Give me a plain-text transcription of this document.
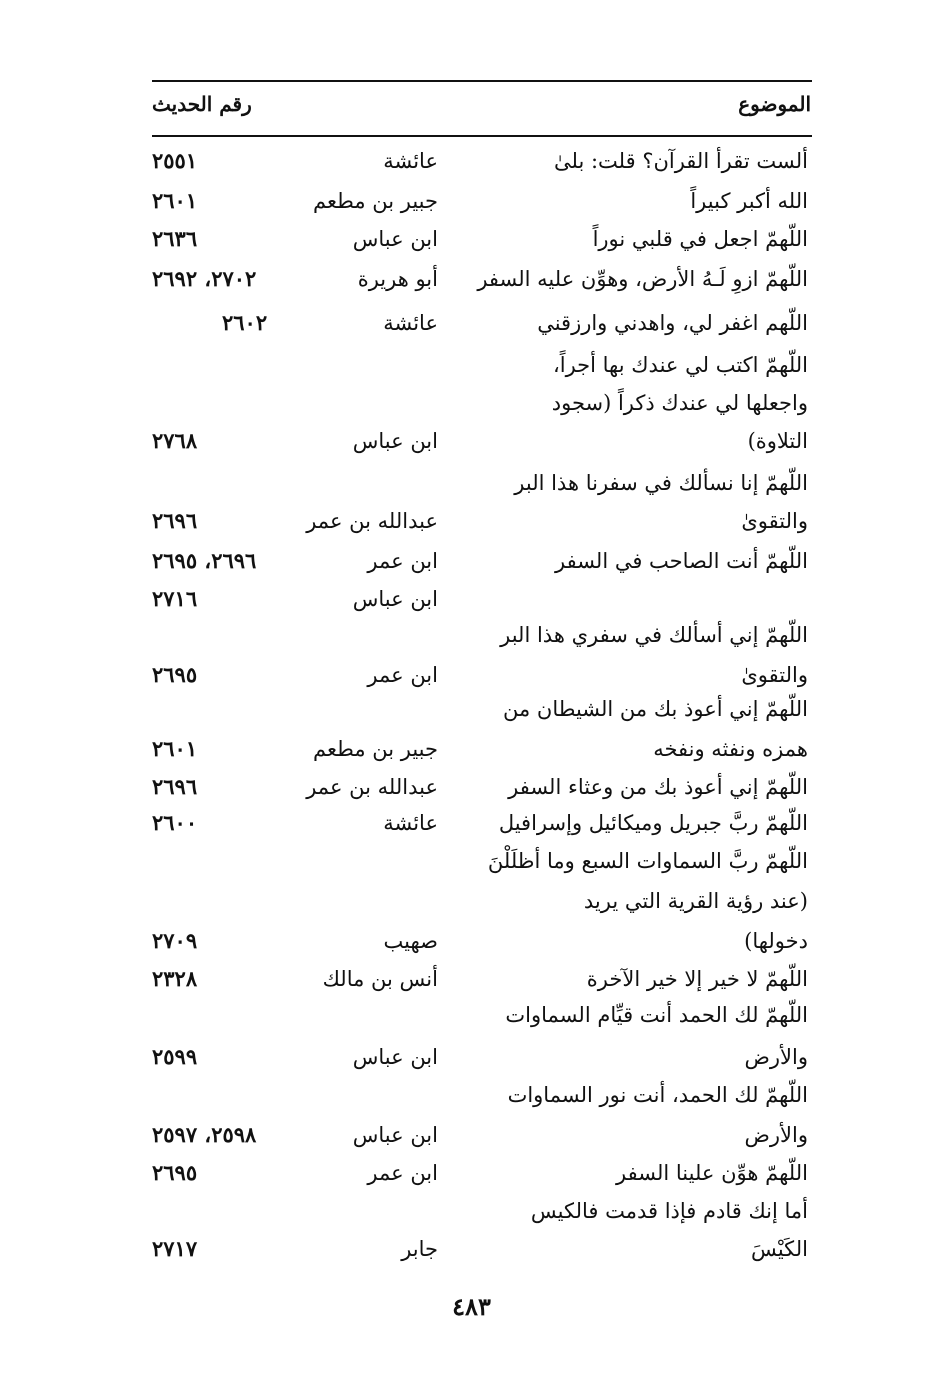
الموضوع
رقم الحديث
ألست تقرأ القرآن؟ قلت: بلىٰ
عائشة
٢٥٥١
الله أكبر كبيراً
جبير بن مطعم
٢٦٠١
اللّهمّ اجعل في قلبي نوراً
ابن عباس
٢٦٣٦
اللّهمّ ازوِ لَـهُ الأرض، وهوِّن عليه السفر
أبو هريرة
٢٧٠٢، ٢٦٩٢
اللّهم اغفر لي، واهدني وارزقني
عائشة
٢٦٠٢
اللّهمّ اكتب لي عندك بها أجراً،
واجعلها لي عندك ذكراً (سجود
التلاوة)
ابن عباس
٢٧٦٨
اللّهمّ إنا نسألك في سفرنا هذا البر
والتقوىٰ
عبدالله بن عمر
٢٦٩٦
اللّهمّ أنت الصاحب في السفر
ابن عمر
٢٦٩٦، ٢٦٩٥
ابن عباس
٢٧١٦
اللّهمّ إني أسألك في سفري هذا البر
والتقوىٰ
ابن عمر
٢٦٩٥
اللّهمّ إني أعوذ بك من الشيطان من
همزه ونفثه ونفخه
جبير بن مطعم
٢٦٠١
اللّهمّ إني أعوذ بك من وعثاء السفر
عبدالله بن عمر
٢٦٩٦
اللّهمّ ربَّ جبريل وميكائيل وإسرافيل
عائشة
٢٦٠٠
اللّهمّ ربَّ السماوات السبع وما أظلَلْنَ
(عند رؤية القرية التي يريد
دخولها)
صهيب
٢٧٠٩
اللّهمّ لا خير إلا خير الآخرة
أنس بن مالك
٢٣٢٨
اللّهمّ لك الحمد أنت قيِّام السماوات
والأرض
ابن عباس
٢٥٩٩
اللّهمّ لك الحمد، أنت نور السماوات
والأرض
ابن عباس
٢٥٩٨، ٢٥٩٧
اللّهمّ هوِّن علينا السفر
ابن عمر
٢٦٩٥
أما إنك قادم فإذا قدمت فالكيس
الكَيْسَ
جابر
٢٧١٧
٤٨٣
